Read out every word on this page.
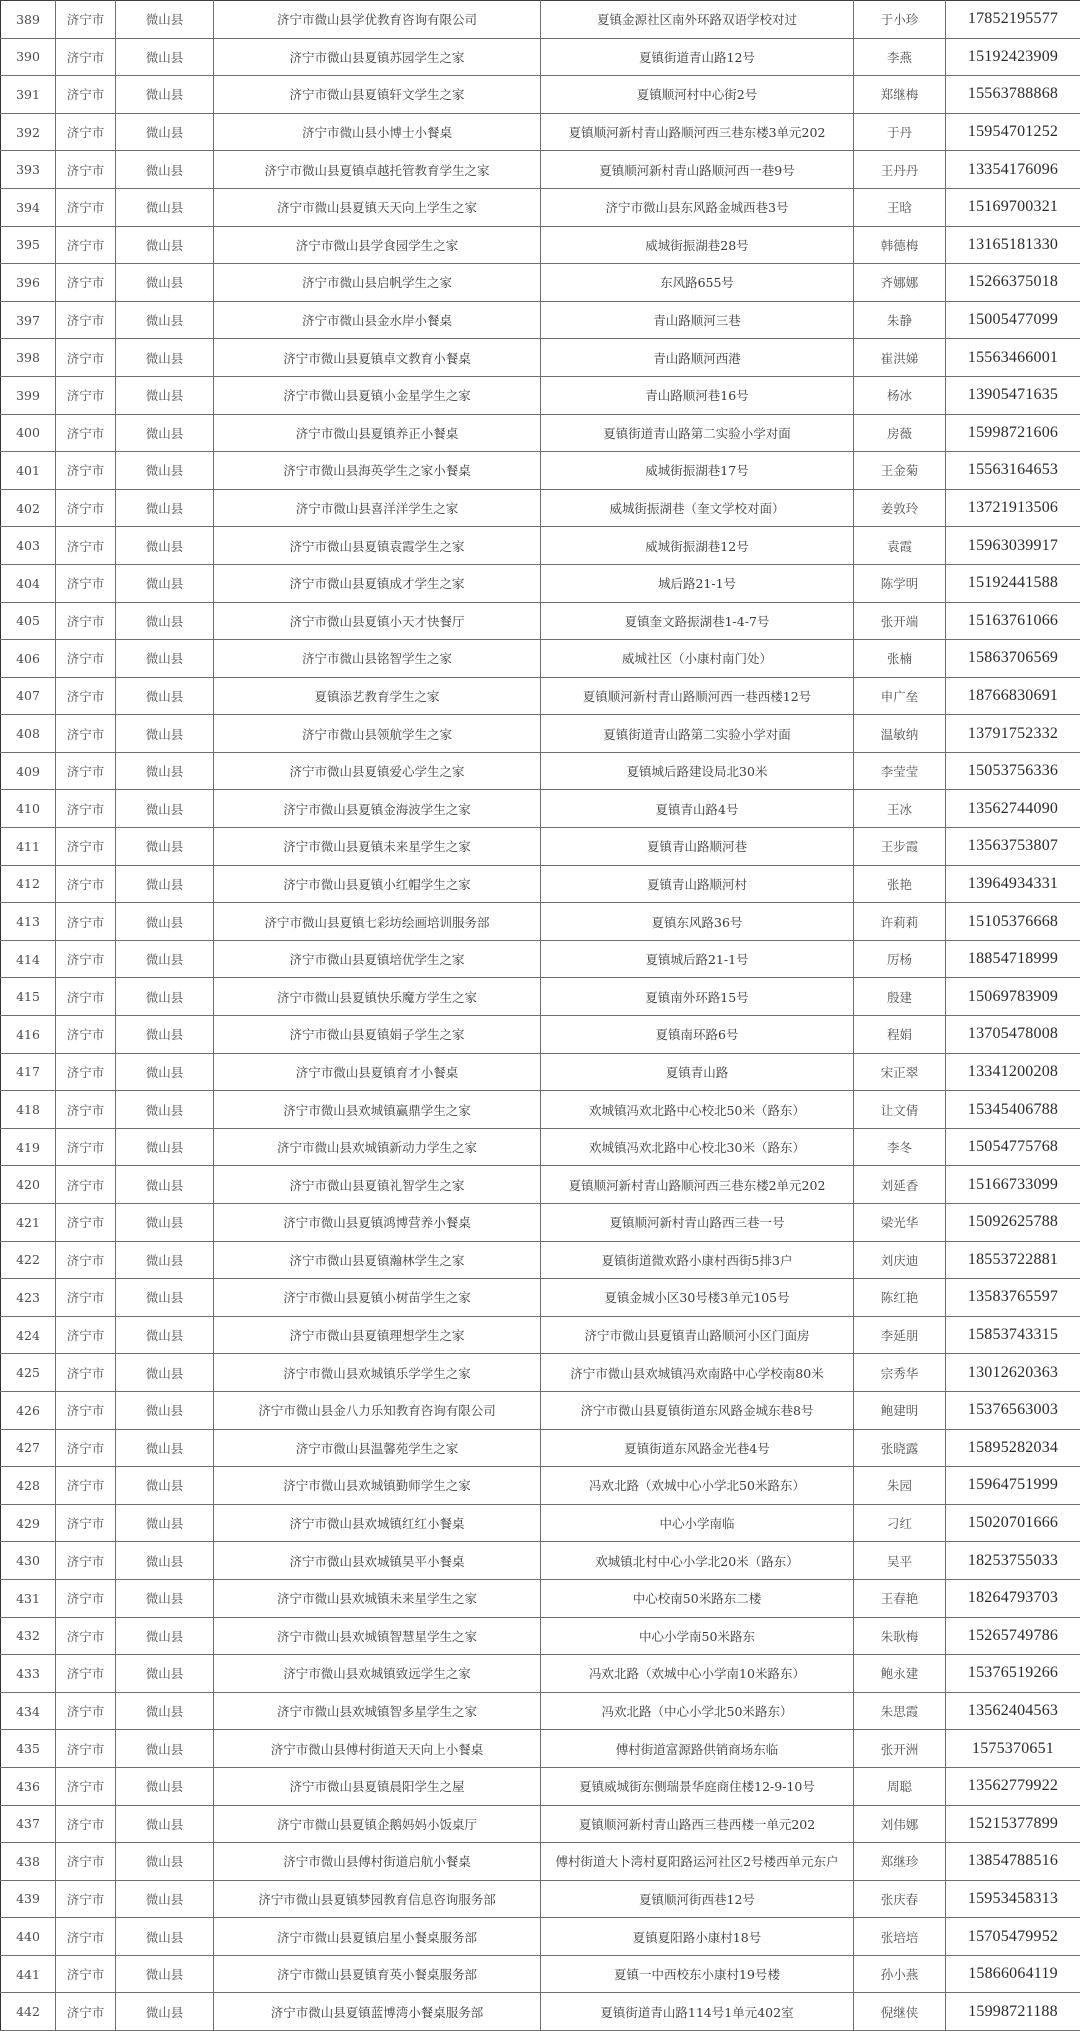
389	济宁市	微山县	济宁市微山县学优教育咨询有限公司	夏镇金源社区南外环路双语学校对过	于小珍	17852195577
390	济宁市	微山县	济宁市微山县夏镇苏园学生之家	夏镇街道青山路12号	李燕	15192423909
391	济宁市	微山县	济宁市微山县夏镇轩文学生之家	夏镇顺河村中心街2号	郑继梅	15563788868
392	济宁市	微山县	济宁市微山县小博士小餐桌	夏镇顺河新村青山路顺河西三巷东楼3单元202	于丹	15954701252
393	济宁市	微山县	济宁市微山县夏镇卓越托管教育学生之家	夏镇顺河新村青山路顺河西一巷9号	王丹丹	13354176096
394	济宁市	微山县	济宁市微山县夏镇天天向上学生之家	济宁市微山县东风路金城西巷3号	王晗	15169700321
395	济宁市	微山县	济宁市微山县学食园学生之家	威城街振湖巷28号	韩德梅	13165181330
396	济宁市	微山县	济宁市微山县启帆学生之家	东风路655号	齐娜娜	15266375018
397	济宁市	微山县	济宁市微山县金水岸小餐桌	青山路顺河三巷	朱静	15005477099
398	济宁市	微山县	济宁市微山县夏镇卓文教育小餐桌	青山路顺河西港	崔洪娣	15563466001
399	济宁市	微山县	济宁市微山县夏镇小金星学生之家	青山路顺河巷16号	杨冰	13905471635
400	济宁市	微山县	济宁市微山县夏镇养正小餐桌	夏镇街道青山路第二实验小学对面	房薇	15998721606
401	济宁市	微山县	济宁市微山县海英学生之家小餐桌	威城街振湖巷17号	王金菊	15563164653
402	济宁市	微山县	济宁市微山县喜洋洋学生之家	威城街振湖巷（奎文学校对面）	姜敦玲	13721913506
403	济宁市	微山县	济宁市微山县夏镇袁霞学生之家	威城街振湖巷12号	袁霞	15963039917
404	济宁市	微山县	济宁市微山县夏镇成才学生之家	城后路21-1号	陈学明	15192441588
405	济宁市	微山县	济宁市微山县夏镇小天才快餐厅	夏镇奎文路振湖巷1-4-7号	张开端	15163761066
406	济宁市	微山县	济宁市微山县铭智学生之家	威城社区（小康村南门处）	张楠	15863706569
407	济宁市	微山县	夏镇添艺教育学生之家	夏镇顺河新村青山路顺河西一巷西楼12号	申广垒	18766830691
408	济宁市	微山县	济宁市微山县领航学生之家	夏镇街道青山路第二实验小学对面	温敏纳	13791752332
409	济宁市	微山县	济宁市微山县夏镇爱心学生之家	夏镇城后路建设局北30米	李莹莹	15053756336
410	济宁市	微山县	济宁市微山县夏镇金海波学生之家	夏镇青山路4号	王冰	13562744090
411	济宁市	微山县	济宁市微山县夏镇未来星学生之家	夏镇青山路顺河巷	王步霞	13563753807
412	济宁市	微山县	济宁市微山县夏镇小红帽学生之家	夏镇青山路顺河村	张艳	13964934331
413	济宁市	微山县	济宁市微山县夏镇七彩坊绘画培训服务部	夏镇东风路36号	许莉莉	15105376668
414	济宁市	微山县	济宁市微山县夏镇培优学生之家	夏镇城后路21-1号	厉杨	18854718999
415	济宁市	微山县	济宁市微山县夏镇快乐魔方学生之家	夏镇南外环路15号	殷建	15069783909
416	济宁市	微山县	济宁市微山县夏镇娟子学生之家	夏镇南环路6号	程娟	13705478008
417	济宁市	微山县	济宁市微山县夏镇育才小餐桌	夏镇青山路	宋正翠	13341200208
418	济宁市	微山县	济宁市微山县欢城镇赢鼎学生之家	欢城镇冯欢北路中心校北50米（路东）	让文倩	15345406788
419	济宁市	微山县	济宁市微山县欢城镇新动力学生之家	欢城镇冯欢北路中心校北30米（路东）	李冬	15054775768
420	济宁市	微山县	济宁市微山县夏镇礼智学生之家	夏镇顺河新村青山路顺河西三巷东楼2单元202	刘延香	15166733099
421	济宁市	微山县	济宁市微山县夏镇鸿博营养小餐桌	夏镇顺河新村青山路西三巷一号	梁光华	15092625788
422	济宁市	微山县	济宁市微山县夏镇瀚林学生之家	夏镇街道微欢路小康村西街5排3户	刘庆迪	18553722881
423	济宁市	微山县	济宁市微山县夏镇小树苗学生之家	夏镇金城小区30号楼3单元105号	陈红艳	13583765597
424	济宁市	微山县	济宁市微山县夏镇理想学生之家	济宁市微山县夏镇青山路顺河小区门面房	李延朋	15853743315
425	济宁市	微山县	济宁市微山县欢城镇乐学学生之家	济宁市微山县欢城镇冯欢南路中心学校南80米	宗秀华	13012620363
426	济宁市	微山县	济宁市微山县金八力乐知教育咨询有限公司	济宁市微山县夏镇街道东风路金城东巷8号	鲍建明	15376563003
427	济宁市	微山县	济宁市微山县温馨苑学生之家	夏镇街道东风路金光巷4号	张晓露	15895282034
428	济宁市	微山县	济宁市微山县欢城镇勤师学生之家	冯欢北路（欢城中心小学北50米路东）	朱园	15964751999
429	济宁市	微山县	济宁市微山县欢城镇红红小餐桌	中心小学南临	刁红	15020701666
430	济宁市	微山县	济宁市微山县欢城镇昊平小餐桌	欢城镇北村中心小学北20米（路东）	吴平	18253755033
431	济宁市	微山县	济宁市微山县欢城镇未来星学生之家	中心校南50米路东二楼	王春艳	18264793703
432	济宁市	微山县	济宁市微山县欢城镇智慧星学生之家	中心小学南50米路东	朱耿梅	15265749786
433	济宁市	微山县	济宁市微山县欢城镇致远学生之家	冯欢北路（欢城中心小学南10米路东）	鲍永建	15376519266
434	济宁市	微山县	济宁市微山县欢城镇智多星学生之家	冯欢北路（中心小学北50米路东）	朱思霞	13562404563
435	济宁市	微山县	济宁市微山县傅村街道天天向上小餐桌	傅村街道富源路供销商场东临	张开洲	1575370651
436	济宁市	微山县	济宁市微山县夏镇晨阳学生之屋	夏镇威城街东侧瑞景华庭商住楼12-9-10号	周聪	13562779922
437	济宁市	微山县	济宁市微山县夏镇企鹅妈妈小饭桌厅	夏镇顺河新村青山路西三巷西楼一单元202	刘伟娜	15215377899
438	济宁市	微山县	济宁市微山县傅村街道启航小餐桌	傅村街道大卜湾村夏阳路运河社区2号楼西单元东户	郑继珍	13854788516
439	济宁市	微山县	济宁市微山县夏镇梦园教育信息咨询服务部	夏镇顺河街西巷12号	张庆春	15953458313
440	济宁市	微山县	济宁市微山县夏镇启星小餐桌服务部	夏镇夏阳路小康村18号	张培培	15705479952
441	济宁市	微山县	济宁市微山县夏镇育英小餐桌服务部	夏镇一中西校东小康村19号楼	孙小燕	15866064119
442	济宁市	微山县	济宁市微山县夏镇蓝博湾小餐桌服务部	夏镇街道青山路114号1单元402室	倪继侠	15998721188
